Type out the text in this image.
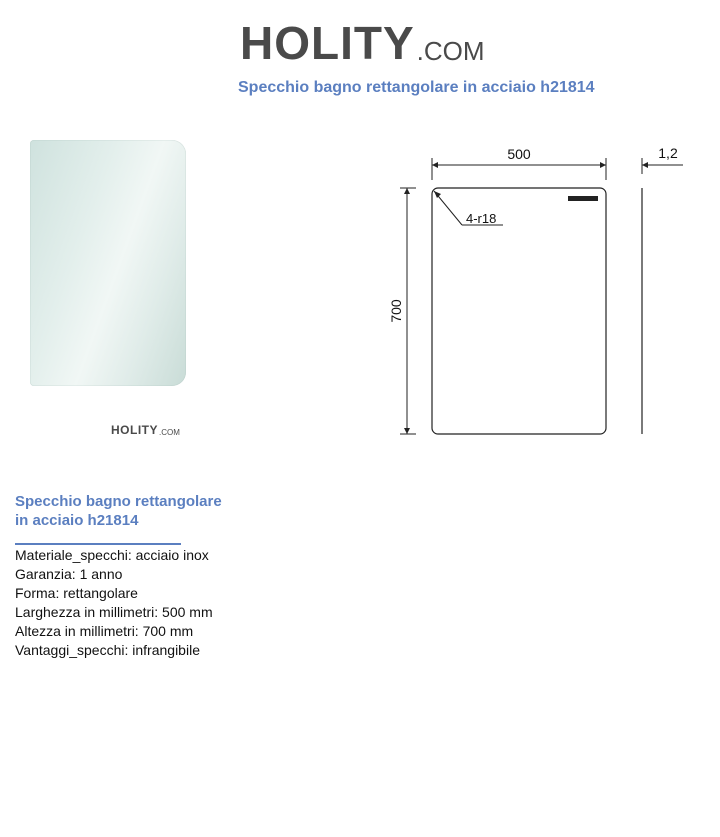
HOLITY .COM
Specchio bagno rettangolare in acciaio h21814
HOLITY .COM
500
700
4-r18
1,2
Specchio bagno rettangolare
in acciaio h21814
Materiale_specchi: acciaio inox
Garanzia: 1 anno
Forma: rettangolare
Larghezza in millimetri: 500 mm
Altezza in millimetri: 700 mm
Vantaggi_specchi: infrangibile
